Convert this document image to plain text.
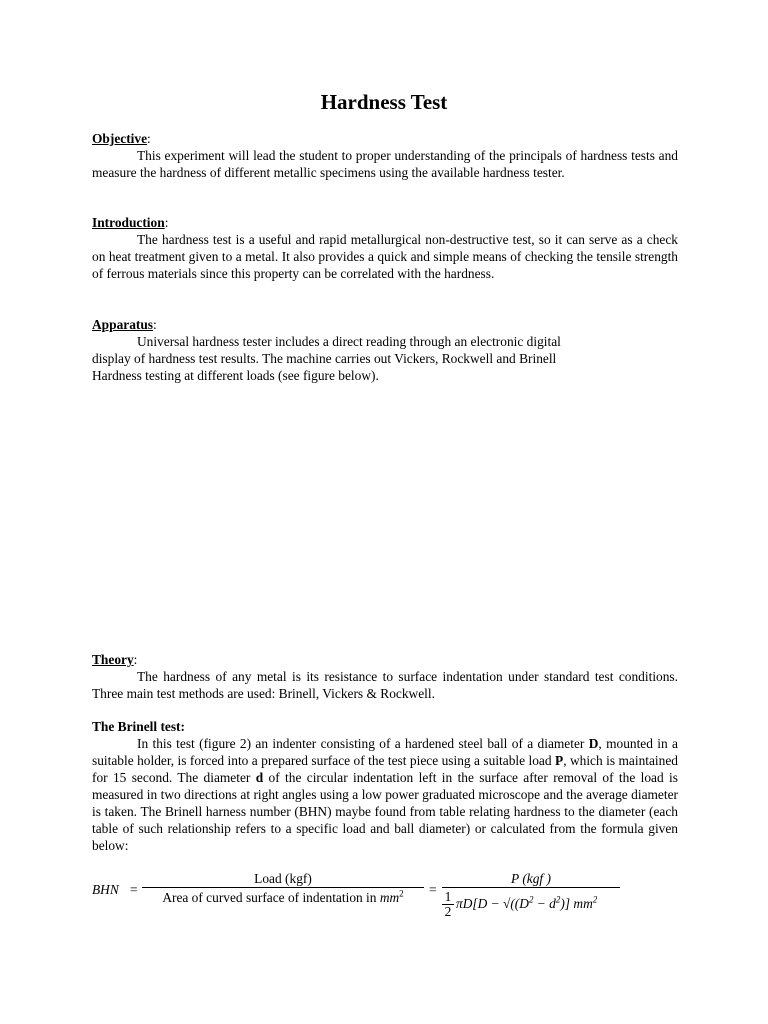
Hardness Test

Objective:

This experiment will lead the student to proper understanding of the principals of hardness tests and measure the hardness of different metallic specimens using the available hardness tester.

Introduction:

The hardness test is a useful and rapid metallurgical non-destructive test, so it can serve as a check on heat treatment given to a metal. It also provides a quick and simple means of checking the tensile strength of ferrous materials since this property can be correlated with the hardness.

Apparatus:

Universal hardness tester includes a direct reading through an electronic digital

display of hardness test results. The machine carries out Vickers, Rockwell and Brinell

Hardness testing at different loads (see figure below).

Theory:

The hardness of any metal is its resistance to surface indentation under standard test conditions. Three main test methods are used: Brinell, Vickers & Rockwell.

The Brinell test:

In this test (figure 2) an indenter consisting of a hardened steel ball of a diameter D, mounted in a suitable holder, is forced into a prepared surface of the test piece using a suitable load P, which is maintained for 15 second. The diameter d of the circular indentation left in the surface after removal of the load is measured in two directions at right angles using a low power graduated microscope and the average diameter is taken. The Brinell harness number (BHN) maybe found from table relating hardness to the diameter (each table of such relationship refers to a specific load and ball diameter) or calculated from the formula given below:

BHN =
Load (kgf)
Area of curved surface of indentation in $mm^2$	=
P (kgf )
1
2
$\pi D[D - √((D^2 - d^2)]$ $mm^2$
